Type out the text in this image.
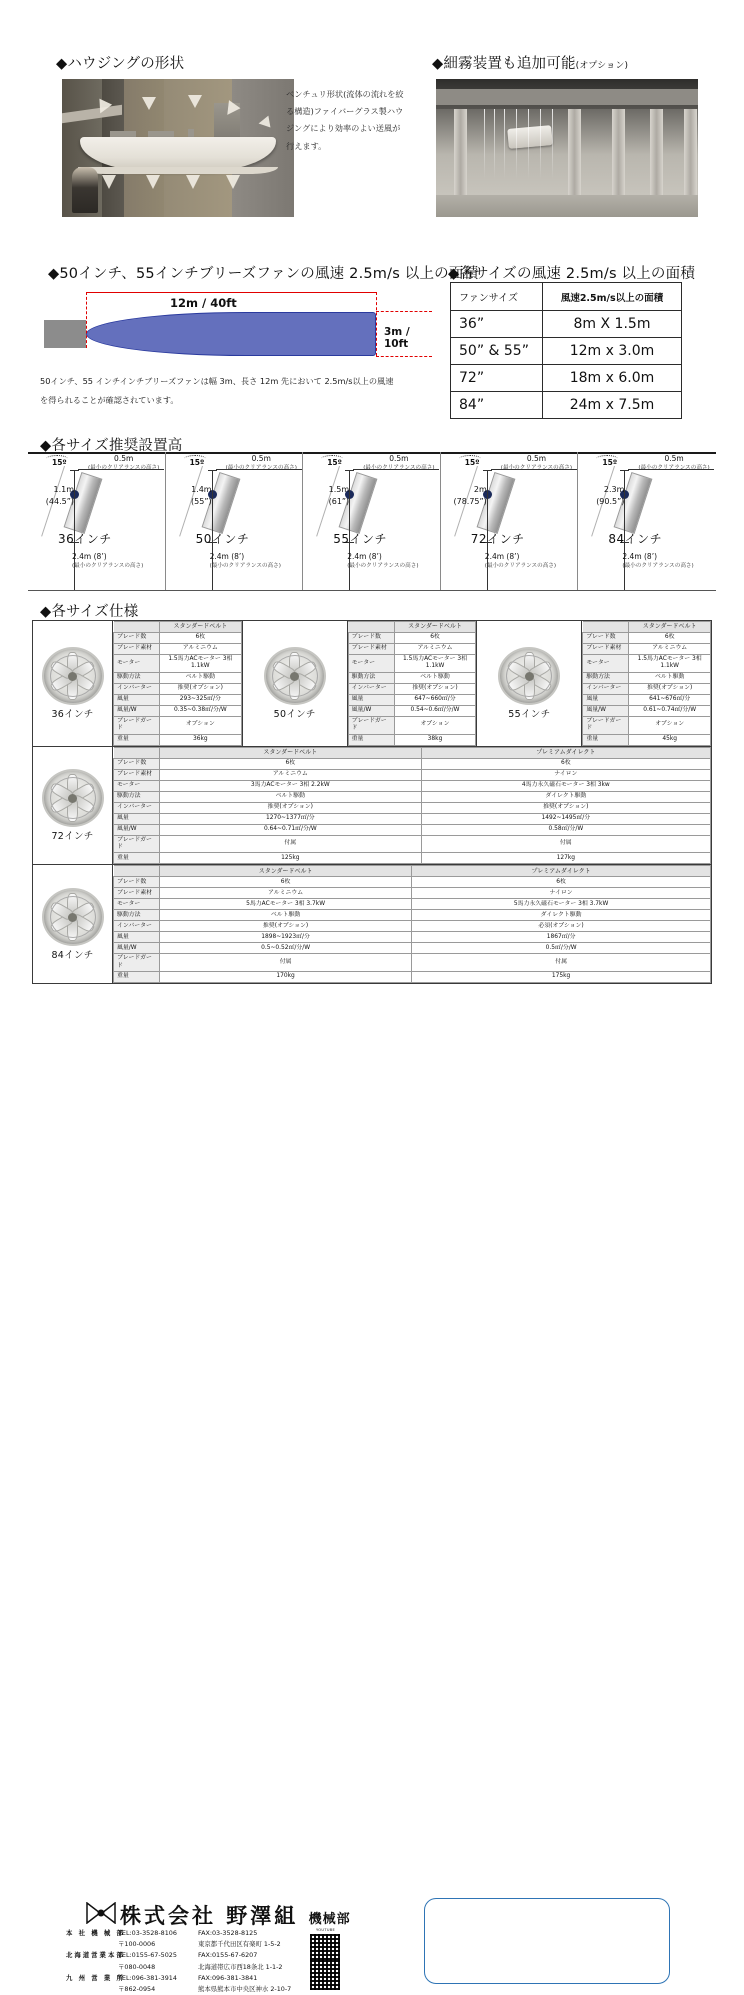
◆ハウジングの形状
ベンチュリ形状(流体の流れを絞る構造)ファイバーグラス製ハウジングにより効率のよい送風が行えます。
◆細霧装置も追加可能(オプション)
◆50インチ、55インチブリーズファンの風速 2.5m/s 以上の面積
12m / 40ft
3m / 10ft
50インチ、55 インチインチブリーズファンは幅 3m、長さ 12m 先において 2.5m/s以上の風速
を得られることが確認されています。
◆各サイズの風速 2.5m/s 以上の面積
ファンサイズ	風速2.5m/s以上の面積
36”	8m X 1.5m
50” & 55”	12m x 3.0m
72”	18m x 6.0m
84”	24m x 7.5m
◆各サイズ推奨設置高
15º	0.5m
(最小のクリアランスの高さ)
1.1m
(44.5”)
36インチ
2.4m (8’)
(最小のクリアランスの高さ)
15º	0.5m
(最小のクリアランスの高さ)
1.4m
(55”)
50インチ
2.4m (8’)
(最小のクリアランスの高さ)
15º	0.5m
(最小のクリアランスの高さ)
1.5m
(61”)
55インチ
2.4m (8’)
(最小のクリアランスの高さ)
15º	0.5m
(最小のクリアランスの高さ)
2m
(78.75”)
72インチ
2.4m (8’)
(最小のクリアランスの高さ)
15º	0.5m
(最小のクリアランスの高さ)
2.3m
(90.5”)
84インチ
2.4m (8’)
(最小のクリアランスの高さ)
◆各サイズ仕様
36インチ
	スタンダードベルト
ブレード数	6枚
ブレード素材	アルミニウム
モーター	1.5馬力ACモーター 3相 1.1kW
駆動方法	ベルト駆動
インバーター	推奨(オプション)
風量	293~325㎥/分
風量/W	0.35~0.38㎥/分/W
ブレードガード	オプション
重量	36kg
50インチ
	スタンダードベルト
ブレード数	6枚
ブレード素材	アルミニウム
モーター	1.5馬力ACモーター 3相 1.1kW
駆動方法	ベルト駆動
インバーター	推奨(オプション)
風量	647~660㎥/分
風量/W	0.54~0.6㎥/分/W
ブレードガード	オプション
重量	38kg
55インチ
	スタンダードベルト
ブレード数	6枚
ブレード素材	アルミニウム
モーター	1.5馬力ACモーター 3相 1.1kW
駆動方法	ベルト駆動
インバーター	推奨(オプション)
風量	641~676㎥/分
風量/W	0.61~0.74㎥/分/W
ブレードガード	オプション
重量	45kg
72インチ
	スタンダードベルト	プレミアムダイレクト
ブレード数	6枚	6枚
ブレード素材	アルミニウム	ナイロン
モーター	3馬力ACモーター 3相 2.2kW	4馬力永久磁石モーター 3相 3kw
駆動方法	ベルト駆動	ダイレクト駆動
インバーター	推奨(オプション)	推奨(オプション)
風量	1270~1377㎥/分	1492~1495㎥/分
風量/W	0.64~0.71㎥/分/W	0.58㎥/分/W
ブレードガード	付属	付属
重量	125kg	127kg
84インチ
	スタンダードベルト	プレミアムダイレクト
ブレード数	6枚	6枚
ブレード素材	アルミニウム	ナイロン
モーター	5馬力ACモーター 3相 3.7kW	5馬力永久磁石モーター 3相 3.7kW
駆動方法	ベルト駆動	ダイレクト駆動
インバーター	推奨(オプション)	必須(オプション)
風量	1898~1923㎥/分	1867㎥/分
風量/W	0.5~0.52㎥/分/W	0.5㎥/分/W
ブレードガード	付属	付属
重量	170kg	175kg
株式会社 野澤組 機械部
本 社 機 械 部TEL:03-3528-8106	FAX:03-3528-8125
〒100-0006	東京都千代田区有楽町 1-5-2
北海道営業本部TEL:0155-67-5025	FAX:0155-67-6207
〒080-0048	北海道帯広市西18条北 1-1-2
九 州 営 業 所TEL:096-381-3914	FAX:096-381-3841
〒862-0954	熊本県熊本市中央区神水 2-10-7
YOUTUBE
